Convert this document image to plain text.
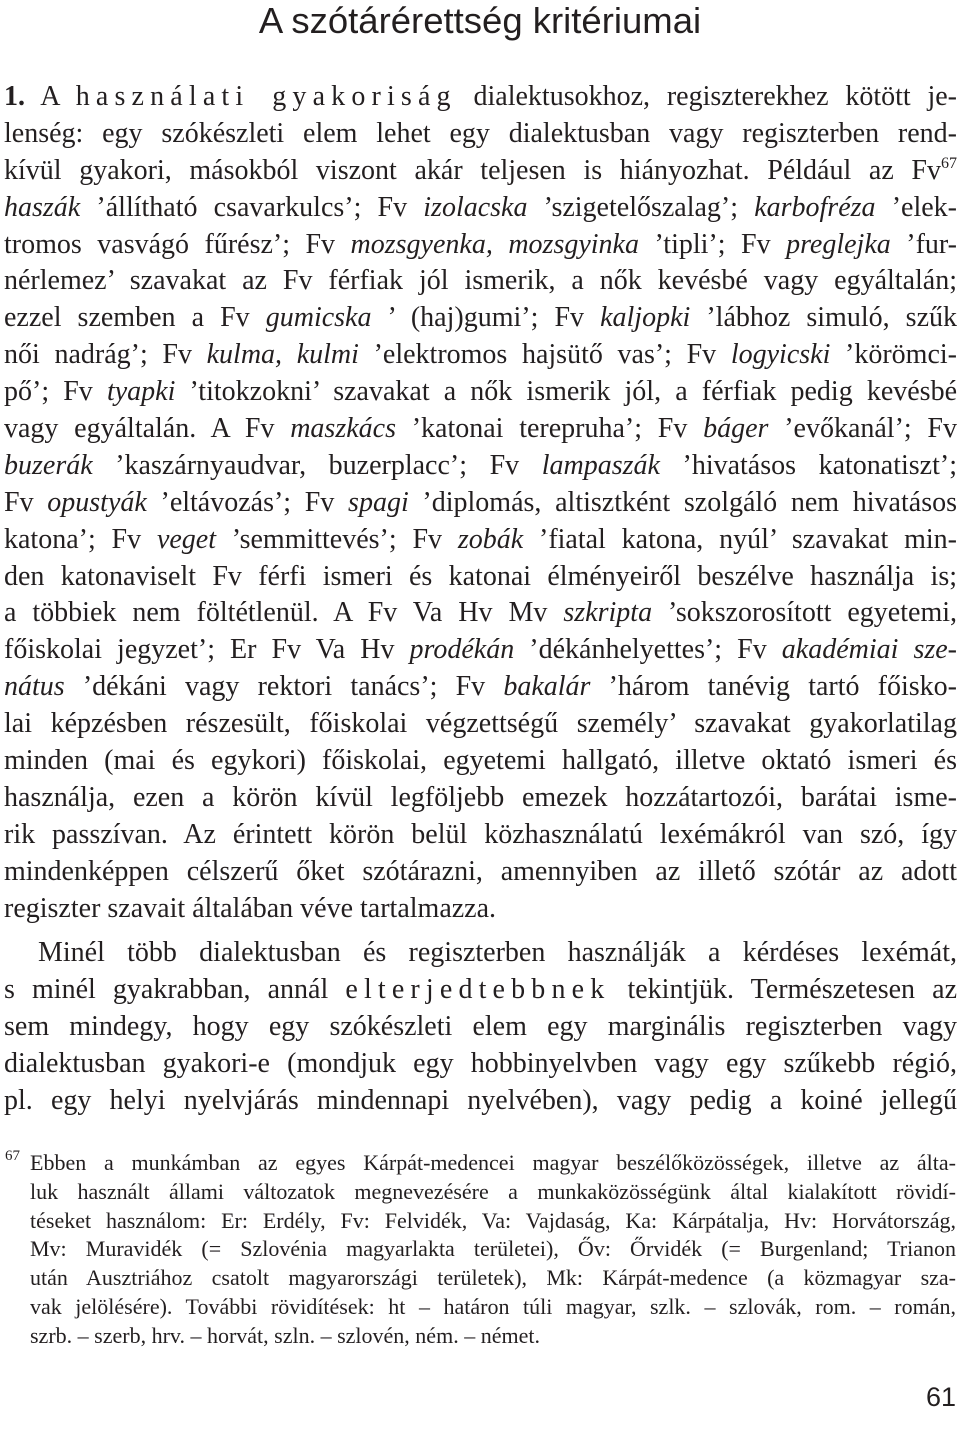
A szótárérettség kritériumai
1. A használati gyakoriság dialektusokhoz, regiszterekhez kötött je-
lenség: egy szókészleti elem lehet egy dialektusban vagy regiszterben rend-
kívül gyakori, másokból viszont akár teljesen is hiányozhat. Például az Fv$^{67}$
haszák ’állítható csavarkulcs’; Fv izolacska ’szigetelőszalag’; karbofréza ’elek-
tromos vasvágó fűrész’; Fv mozsgyenka, mozsgyinka ’tipli’; Fv preglejka ’fur-
nérlemez’ szavakat az Fv férfiak jól ismerik, a nők kevésbé vagy egyáltalán;
ezzel szemben a Fv gumicska ’ (haj)gumi’; Fv kaljopki ’lábhoz simuló, szűk
női nadrág’; Fv kulma, kulmi ’elektromos hajsütő vas’; Fv logyicski ’körömci-
pő’; Fv tyapki ’titokzokni’ szavakat a nők ismerik jól, a férfiak pedig kevésbé
vagy egyáltalán. A Fv maszkács ’katonai terepruha’; Fv báger ’evőkanál’; Fv
buzerák ’kaszárnyaudvar, buzerplacc’; Fv lampaszák ’hivatásos katonatiszt’;
Fv opustyák ’eltávozás’; Fv spagi ’diplomás, altisztként szolgáló nem hivatásos
katona’; Fv veget ’semmittevés’; Fv zobák ’fiatal katona, nyúl’ szavakat min-
den katonaviselt Fv férfi ismeri és katonai élményeiről beszélve használja is;
a többiek nem föltétlenül. A Fv Va Hv Mv szkripta ’sokszorosított egyetemi,
főiskolai jegyzet’; Er Fv Va Hv prodékán ’dékánhelyettes’; Fv akadémiai sze-
nátus ’dékáni vagy rektori tanács’; Fv bakalár ’három tanévig tartó főisko-
lai képzésben részesült, főiskolai végzettségű személy’ szavakat gyakorlatilag
minden (mai és egykori) főiskolai, egyetemi hallgató, illetve oktató ismeri és
használja, ezen a körön kívül legföljebb emezek hozzátartozói, barátai isme-
rik passzívan. Az érintett körön belül közhasználatú lexémákról van szó, így
mindenképpen célszerű őket szótárazni, amennyiben az illető szótár az adott
regiszter szavait általában véve tartalmazza.
Minél több dialektusban és regiszterben használják a kérdéses lexémát,
s minél gyakrabban, annál elterjedtebbnek tekintjük. Természetesen az
sem mindegy, hogy egy szókészleti elem egy marginális regiszterben vagy
dialektusban gyakori-e (mondjuk egy hobbinyelvben vagy egy szűkebb régió,
pl. egy helyi nyelvjárás mindennapi nyelvében), vagy pedig a koiné jellegű
67 Ebben a munkámban az egyes Kárpát-medencei magyar beszélőközösségek, illetve az álta-
luk használt állami változatok megnevezésére a munkaközösségünk által kialakított rövidí-
téseket használom: Er: Erdély, Fv: Felvidék, Va: Vajdaság, Ka: Kárpátalja, Hv: Horvátország,
Mv: Muravidék (= Szlovénia magyarlakta területei), Őv: Őrvidék (= Burgenland; Trianon
után Ausztriához csatolt magyarországi területek), Mk: Kárpát-medence (a közmagyar sza-
vak jelölésére). További rövidítések: ht – határon túli magyar, szlk. – szlovák, rom. – román,
szrb. – szerb, hrv. – horvát, szln. – szlovén, ném. – német.
61
